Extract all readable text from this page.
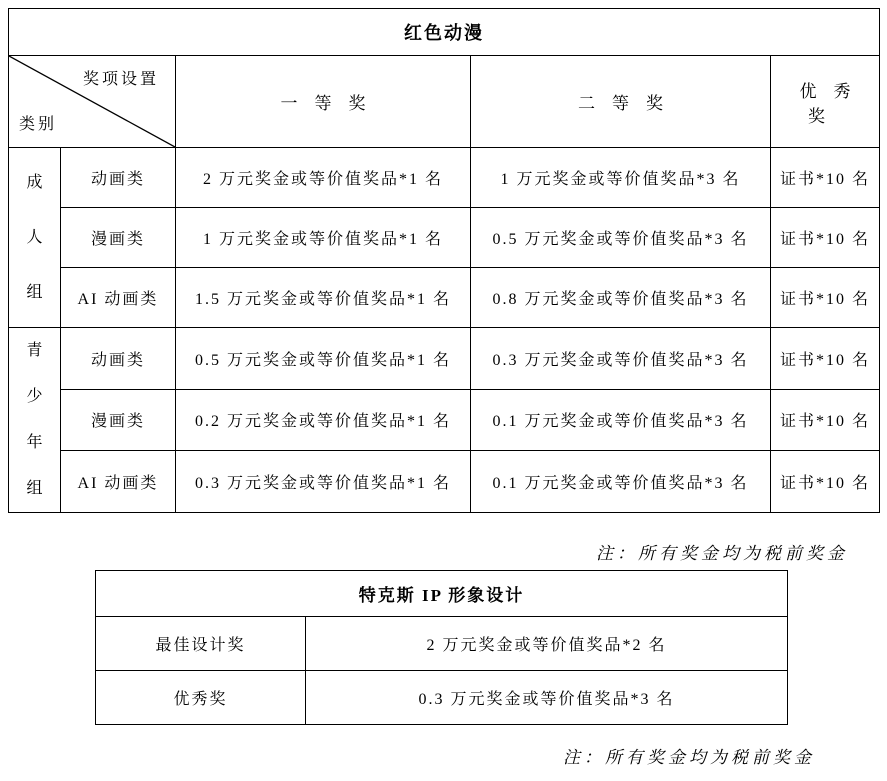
红色动漫				

奖项设置
类别		一等奖	二等奖	优秀奖

成人组	动画类	2 万元奖金或等价值奖品*1 名	1 万元奖金或等价值奖品*3 名	证书*10 名
	漫画类	1 万元奖金或等价值奖品*1 名	0.5 万元奖金或等价值奖品*3 名	证书*10 名
	AI 动画类	1.5 万元奖金或等价值奖品*1 名	0.8 万元奖金或等价值奖品*3 名	证书*10 名

青少年组	动画类	0.5 万元奖金或等价值奖品*1 名	0.3 万元奖金或等价值奖品*3 名	证书*10 名
	漫画类	0.2 万元奖金或等价值奖品*1 名	0.1 万元奖金或等价值奖品*3 名	证书*10 名
	AI 动画类	0.3 万元奖金或等价值奖品*1 名	0.1 万元奖金或等价值奖品*3 名	证书*10 名
注：所有奖金均为税前奖金
特克斯 IP 形象设计	
最佳设计奖	2 万元奖金或等价值奖品*2 名
优秀奖	0.3 万元奖金或等价值奖品*3 名
注：所有奖金均为税前奖金
